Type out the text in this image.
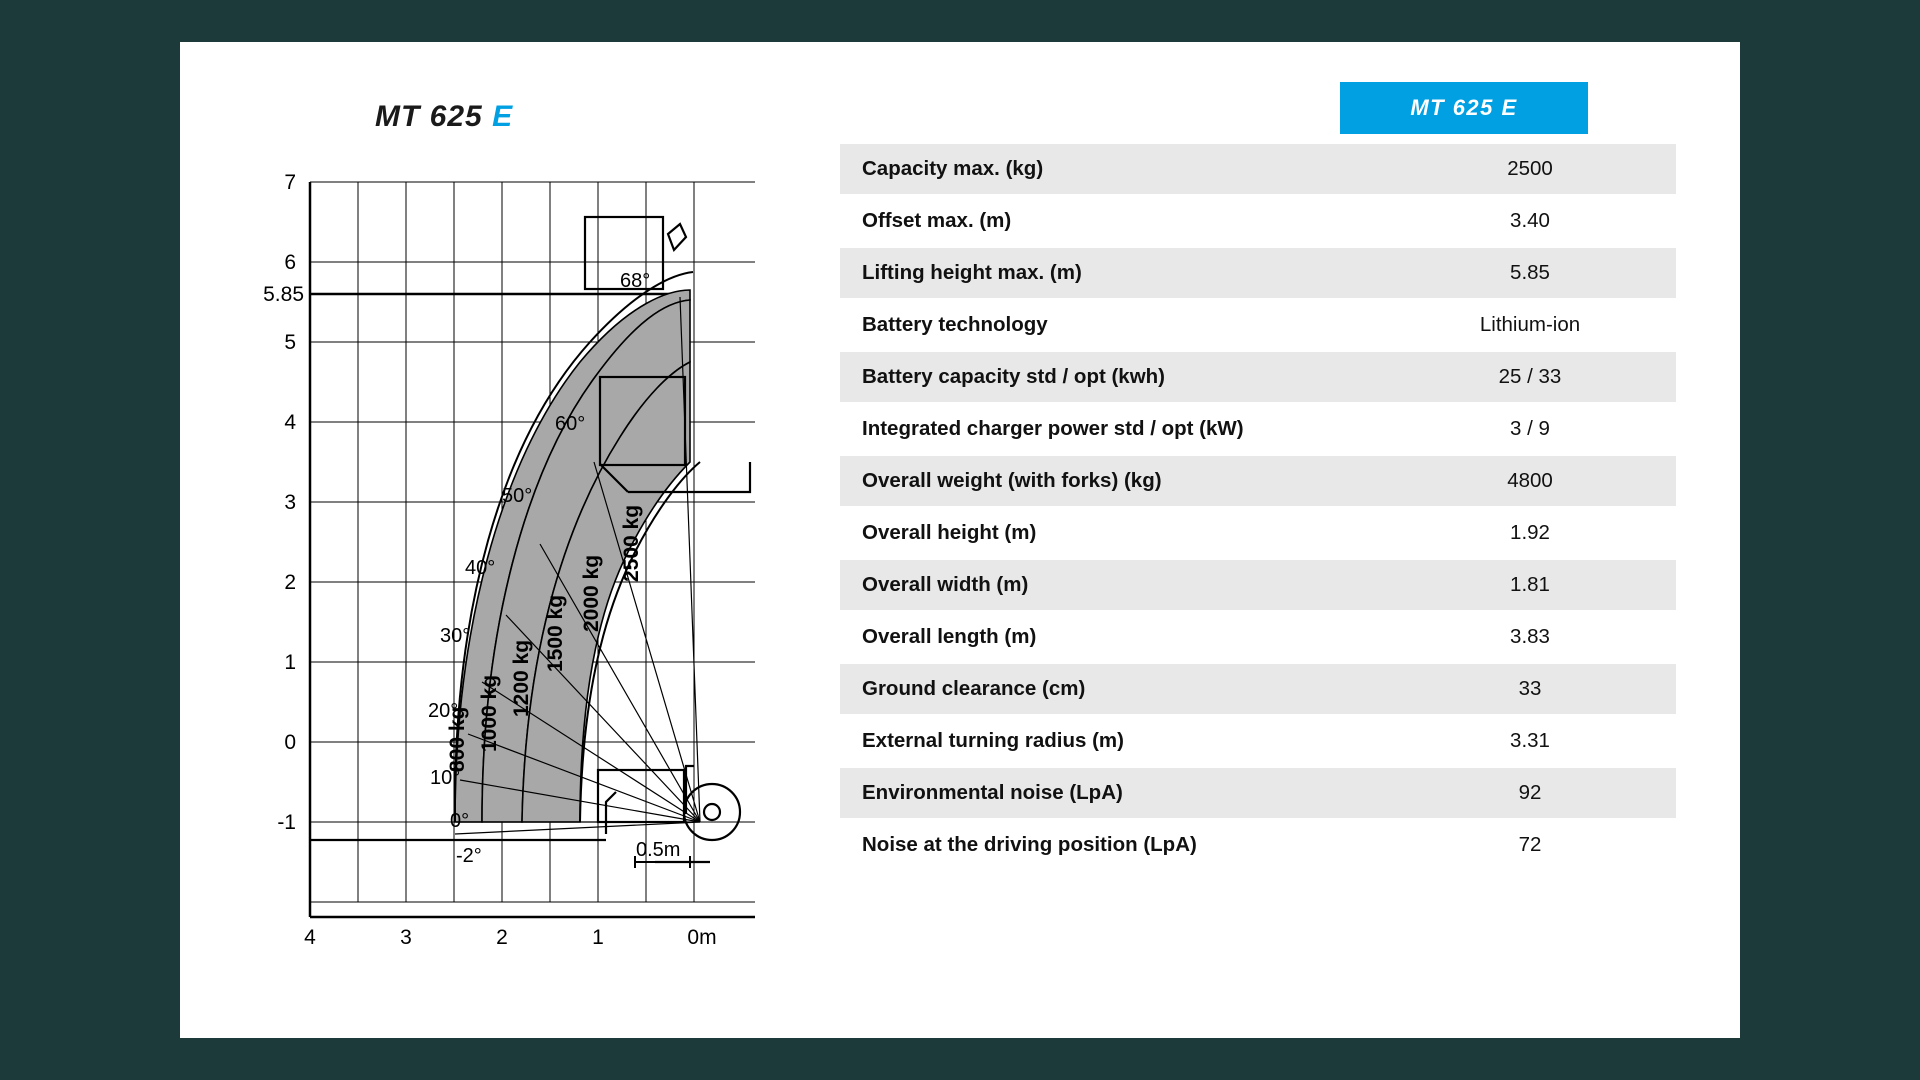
MT 625 E
7
6
5
4
3
2
1
0
-1
5.85
4	3	2	1	0m
-2°
0°
10°
20°
30°
40°
50°
60°
68°
800 kg 1000 kg 1200 kg
1500 kg
2000 kg
2500 kg
0.5m
MT 625 E
Capacity max. (kg)	2500
Offset max. (m)	3.40
Lifting height max. (m)	5.85
Battery technology	Lithium-ion
Battery capacity std / opt (kwh)	25 / 33
Integrated charger power std / opt (kW)	3 / 9
Overall weight (with forks) (kg)	4800
Overall height (m)	1.92
Overall width (m)	1.81
Overall length (m)	3.83
Ground clearance (cm)	33
External turning radius (m)	3.31
Environmental noise (LpA)	92
Noise at the driving position (LpA)	72
